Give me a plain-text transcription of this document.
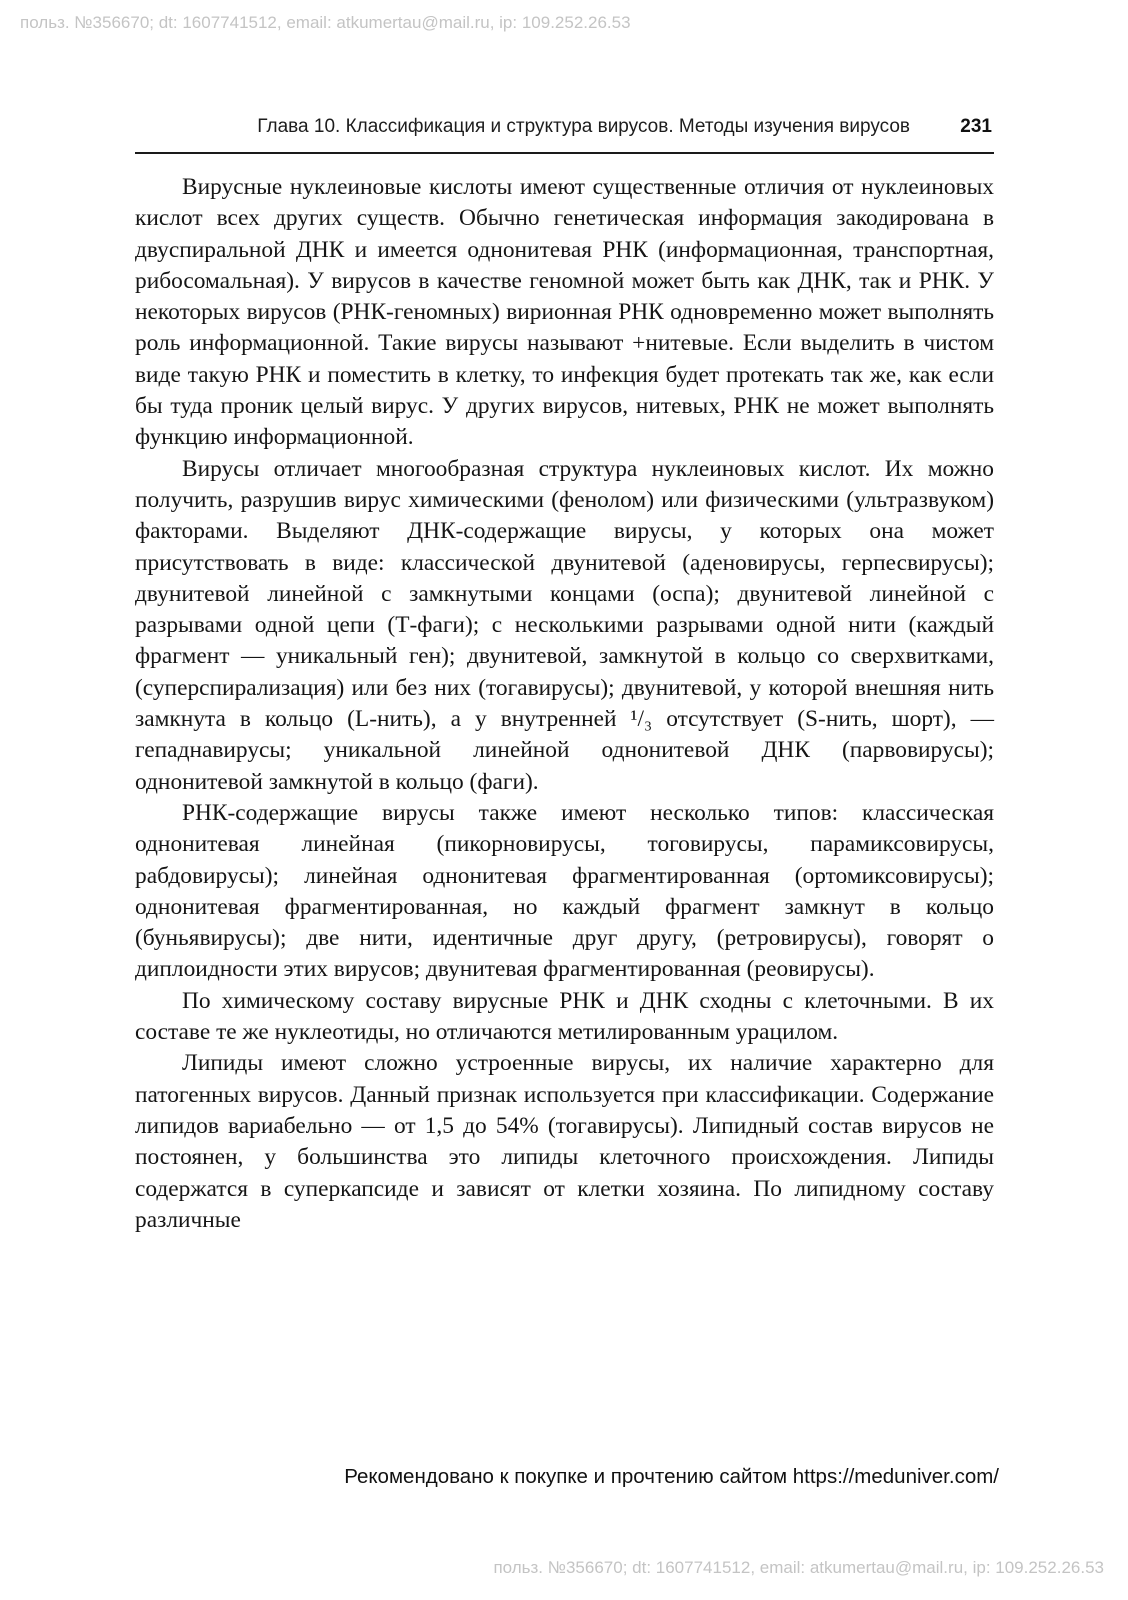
польз. №356670; dt: 1607741512, email: atkumertau@mail.ru, ip: 109.252.26.53
Глава 10. Классификация и структура вирусов. Методы изучения вирусов	231

Вирусные нуклеиновые кислоты имеют существенные отличия от нуклеиновых кислот всех других существ. Обычно генетическая информация закодирована в двуспиральной ДНК и имеется однонитевая РНК (информационная, транспортная, рибосомальная). У вирусов в качестве геномной может быть как ДНК, так и РНК. У некоторых вирусов (РНК-геномных) вирионная РНК одновременно может выполнять роль информационной. Такие вирусы называют +нитевые. Если выделить в чистом виде такую РНК и поместить в клетку, то инфекция будет протекать так же, как если бы туда проник целый вирус. У других вирусов, нитевых, РНК не может выполнять функцию информационной.

Вирусы отличает многообразная структура нуклеиновых кислот. Их можно получить, разрушив вирус химическими (фенолом) или физическими (ультразвуком) факторами. Выделяют ДНК-содержащие вирусы, у которых она может присутствовать в виде: классической двунитевой (аденовирусы, герпесвирусы); двунитевой линейной с замкнутыми концами (оспа); двунитевой линейной с разрывами одной цепи (Т-фаги); с несколькими разрывами одной нити (каждый фрагмент — уникальный ген); двунитевой, замкнутой в кольцо со сверхвитками, (суперспирализация) или без них (тогавирусы); двунитевой, у которой внешняя нить замкнута в кольцо (L-нить), а у внутренней ¹/₃ отсутствует (S-нить, шорт), — гепаднавирусы; уникальной линейной однонитевой ДНК (парвовирусы); однонитевой замкнутой в кольцо (фаги).

РНК-содержащие вирусы также имеют несколько типов: классическая однонитевая линейная (пикорновирусы, тоговирусы, парамиксовирусы, рабдовирусы); линейная однонитевая фрагментированная (ортомиксовирусы); однонитевая фрагментированная, но каждый фрагмент замкнут в кольцо (буньявирусы); две нити, идентичные друг другу, (ретровирусы), говорят о диплоидности этих вирусов; двунитевая фрагментированная (реовирусы).

По химическому составу вирусные РНК и ДНК сходны с клеточными. В их составе те же нуклеотиды, но отличаются метилированным урацилом.

Липиды имеют сложно устроенные вирусы, их наличие характерно для патогенных вирусов. Данный признак используется при классификации. Содержание липидов вариабельно — от 1,5 до 54% (тогавирусы). Липидный состав вирусов не постоянен, у большинства это липиды клеточного происхождения. Липиды содержатся в суперкапсиде и зависят от клетки хозяина. По липидному составу различные

Рекомендовано к покупке и прочтению сайтом https://meduniver.com/
польз. №356670; dt: 1607741512, email: atkumertau@mail.ru, ip: 109.252.26.53
